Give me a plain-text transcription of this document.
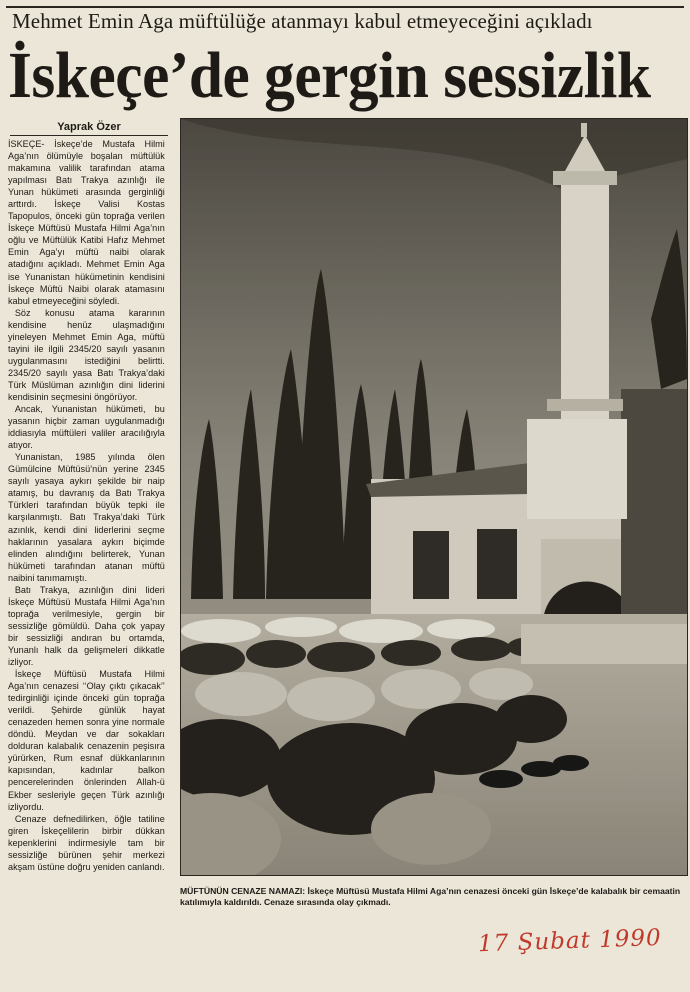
Mehmet Emin Aga müftülüğe atanmayı kabul etmeyeceğini açıkladı
İskeçe’de gergin sessizlik
Yaprak Özer

İSKEÇE- İskeçe’de Mustafa Hilmi Aga’nın ölümüyle boşalan müftülük makamına valilik tarafından atama yapılması Batı Trakya azınlığı ile Yunan hükümeti arasında gerginliği arttırdı. İskeçe Valisi Kostas Tapopulos, önceki gün toprağa verilen İskeçe Müftüsü Mustafa Hilmi Aga’nın oğlu ve Müftülük Katibi Hafız Mehmet Emin Aga’yı müftü naibi olarak atadığını açıkladı. Mehmet Emin Aga ise Yunanistan hükümetinin kendisini İskeçe Müftü Naibi olarak atamasını kabul etmeyeceğini söyledi.

Söz konusu atama kararının kendisine henüz ulaşmadığını yineleyen Mehmet Emin Aga, müftü tayini ile ilgili 2345/20 sayılı yasanın uygulanmasını istediğini belirtti. 2345/20 sayılı yasa Batı Trakya’daki Türk Müslüman azınlığın dini liderini kendisinin seçmesini öngörüyor.

Ancak, Yunanistan hükümeti, bu yasanın hiçbir zaman uygulanmadığı iddiasıyla müftüleri valiler aracılığıyla atıyor.

Yunanistan, 1985 yılında ölen Gümülcine Müftüsü’nün yerine 2345 sayılı yasaya aykırı şekilde bir naip atamış, bu davranış da Batı Trakya Türkleri tarafından büyük tepki ile karşılanmıştı. Batı Trakya’daki Türk azınlık, kendi dini liderlerini seçme haklarının yasalara aykırı biçimde elinden alındığını belirterek, Yunan hükümeti tarafından atanan müftü naibini tanımamıştı.

Batı Trakya, azınlığın dini lideri İskeçe Müftüsü Mustafa Hilmi Aga’nın toprağa verilmesiyle, gergin bir sessizliğe gömüldü. Daha çok yapay bir sessizliği andıran bu ortamda, Yunanlı halk da gelişmeleri dikkatle izliyor.

İskeçe Müftüsü Mustafa Hilmi Aga’nın cenazesi ‘‘Olay çıktı çıkacak’’ tedirginliği içinde önceki gün toprağa verildi. Şehirde günlük hayat cenazeden hemen sonra yine normale döndü. Meydan ve dar sokakları dolduran kalabalık cenazenin peşisıra yürürken, Rum esnaf dükkanlarının kapısından, kadınlar balkon pencerelerinden önlerinden Allah-ü Ekber sesleriyle geçen Türk azınlığı izliyordu.

Cenaze defnedilirken, öğle tatiline giren İskeçelilerin birbir dükkan kepenklerini indirmesiyle tam bir sessizliğe bürünen şehir merkezi akşam üstüne doğru yeniden canlandı.

MÜFTÜNÜN CENAZE NAMAZI: İskeçe Müftüsü Mustafa Hilmi Aga’nın cenazesi önceki gün İskeçe’de kalabalık bir cemaatin katılımıyla kaldırıldı. Cenaze sırasında olay çıkmadı.
17 Şubat 1990
